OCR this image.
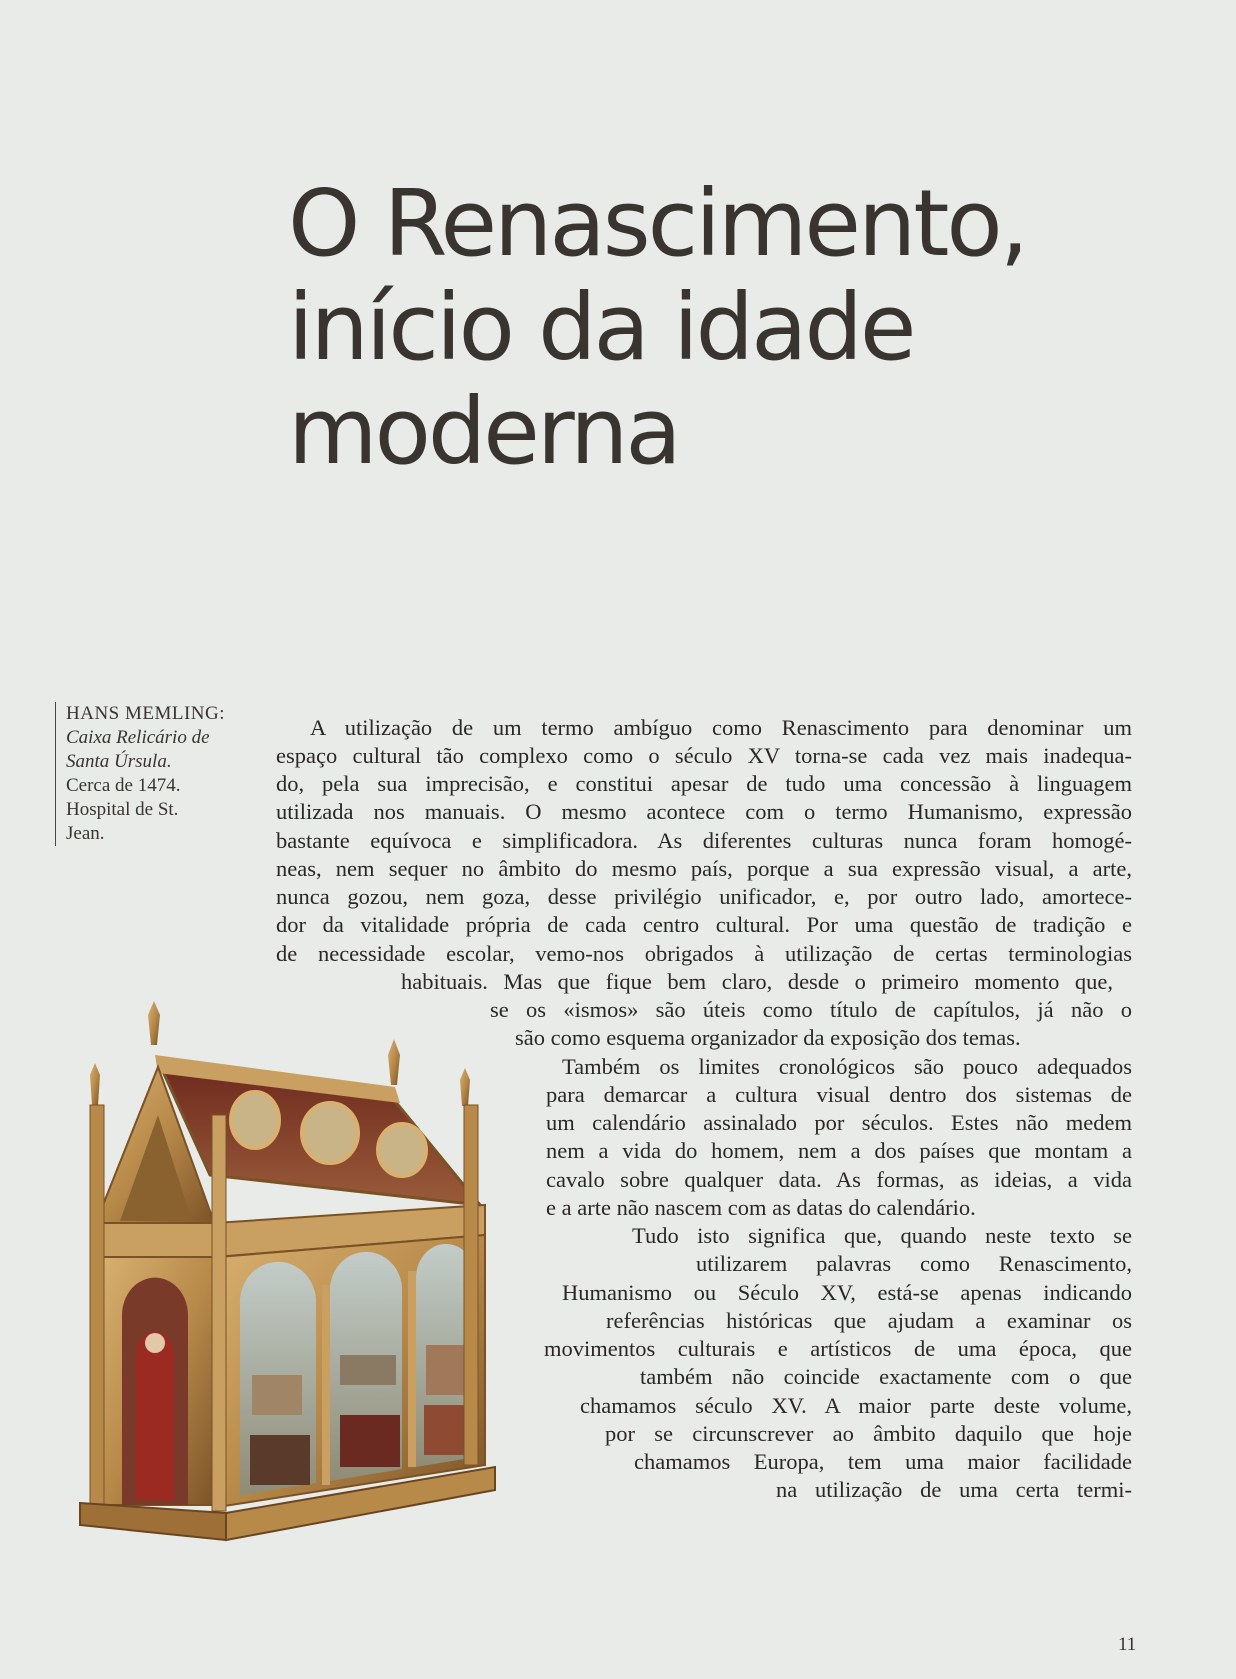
O Renascimento,
início da idade
moderna
HANS MEMLING:
Caixa Relicário de
Santa Úrsula.
Cerca de 1474.
Hospital de St.
Jean.
A utilização de um termo ambíguo como Renascimento para denominar um
espaço cultural tão complexo como o século XV torna-se cada vez mais inadequa-
do, pela sua imprecisão, e constitui apesar de tudo uma concessão à linguagem
utilizada nos manuais. O mesmo acontece com o termo Humanismo, expressão
bastante equívoca e simplificadora. As diferentes culturas nunca foram homogé-
neas, nem sequer no âmbito do mesmo país, porque a sua expressão visual, a arte,
nunca gozou, nem goza, desse privilégio unificador, e, por outro lado, amortece-
dor da vitalidade própria de cada centro cultural. Por uma questão de tradição e
de necessidade escolar, vemo-nos obrigados à utilização de certas terminologias
habituais. Mas que fique bem claro, desde o primeiro momento que,
se os «ismos» são úteis como título de capítulos, já não o
são como esquema organizador da exposição dos temas.
Também os limites cronológicos são pouco adequados
para demarcar a cultura visual dentro dos sistemas de
um calendário assinalado por séculos. Estes não medem
nem a vida do homem, nem a dos países que montam a
cavalo sobre qualquer data. As formas, as ideias, a vida
e a arte não nascem com as datas do calendário.
Tudo isto significa que, quando neste texto se
utilizarem palavras como Renascimento,
Humanismo ou Século XV, está-se apenas indicando
referências históricas que ajudam a examinar os
movimentos culturais e artísticos de uma época, que
também não coincide exactamente com o que
chamamos século XV. A maior parte deste volume,
por se circunscrever ao âmbito daquilo que hoje
chamamos Europa, tem uma maior facilidade
na utilização de uma certa termi-
11
